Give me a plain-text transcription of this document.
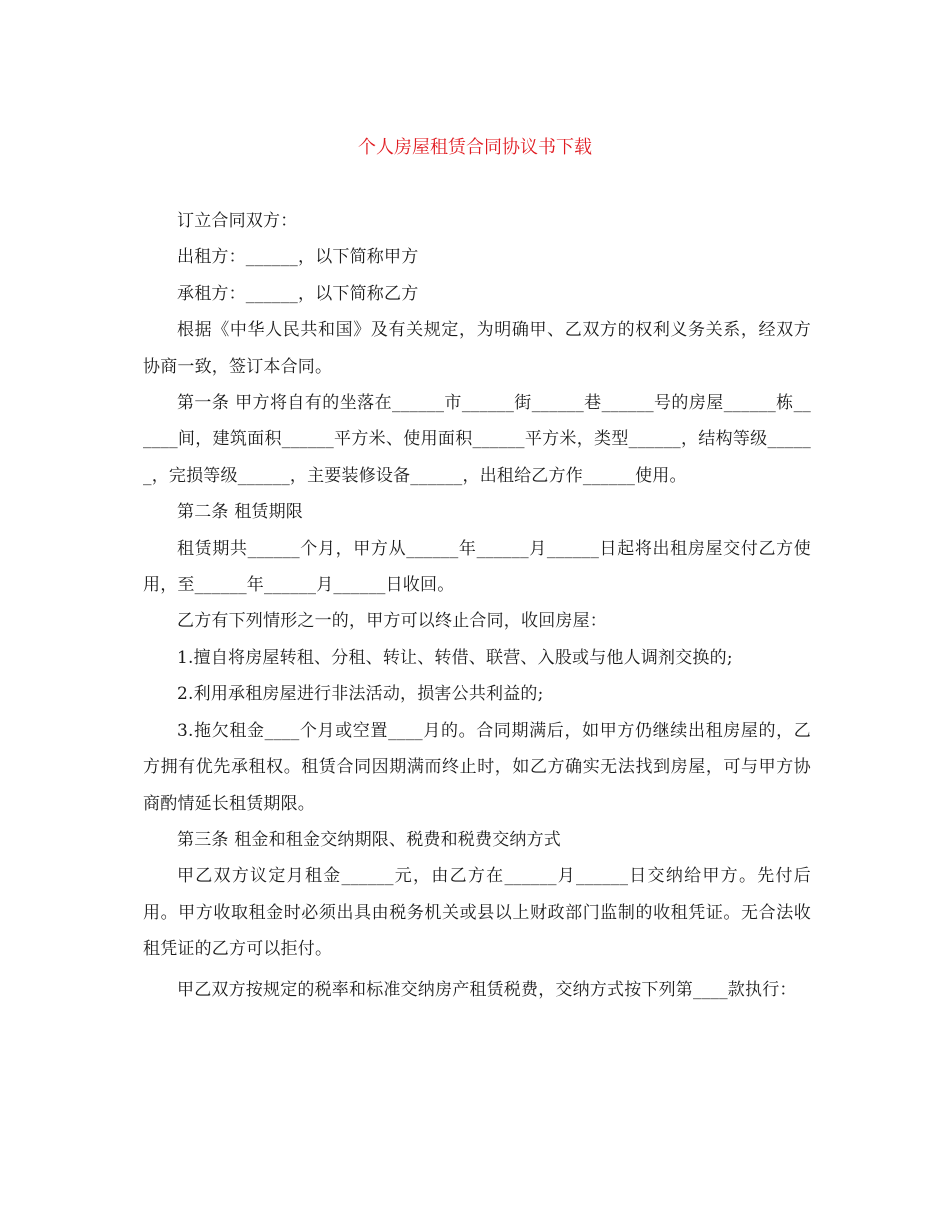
个人房屋租赁合同协议书下载

订立合同双方：

出租方：______，以下简称甲方

承租方：______，以下简称乙方

根据《中华人民共和国》及有关规定，为明确甲、乙双方的权利义务关系，经双方协商一致，签订本合同。

第一条 甲方将自有的坐落在______市______街______巷______号的房屋______栋______间，建筑面积______平方米、使用面积______平方米，类型______，结构等级______，完损等级______，主要装修设备______，出租给乙方作______使用。

第二条 租赁期限

租赁期共______个月，甲方从______年______月______日起将出租房屋交付乙方使用，至______年______月______日收回。

乙方有下列情形之一的，甲方可以终止合同，收回房屋：

1.擅自将房屋转租、分租、转让、转借、联营、入股或与他人调剂交换的;

2.利用承租房屋进行非法活动，损害公共利益的;

3.拖欠租金____个月或空置____月的。合同期满后，如甲方仍继续出租房屋的，乙方拥有优先承租权。租赁合同因期满而终止时，如乙方确实无法找到房屋，可与甲方协商酌情延长租赁期限。

第三条 租金和租金交纳期限、税费和税费交纳方式

甲乙双方议定月租金______元，由乙方在______月______日交纳给甲方。先付后用。甲方收取租金时必须出具由税务机关或县以上财政部门监制的收租凭证。无合法收租凭证的乙方可以拒付。

甲乙双方按规定的税率和标准交纳房产租赁税费，交纳方式按下列第____款执行：
